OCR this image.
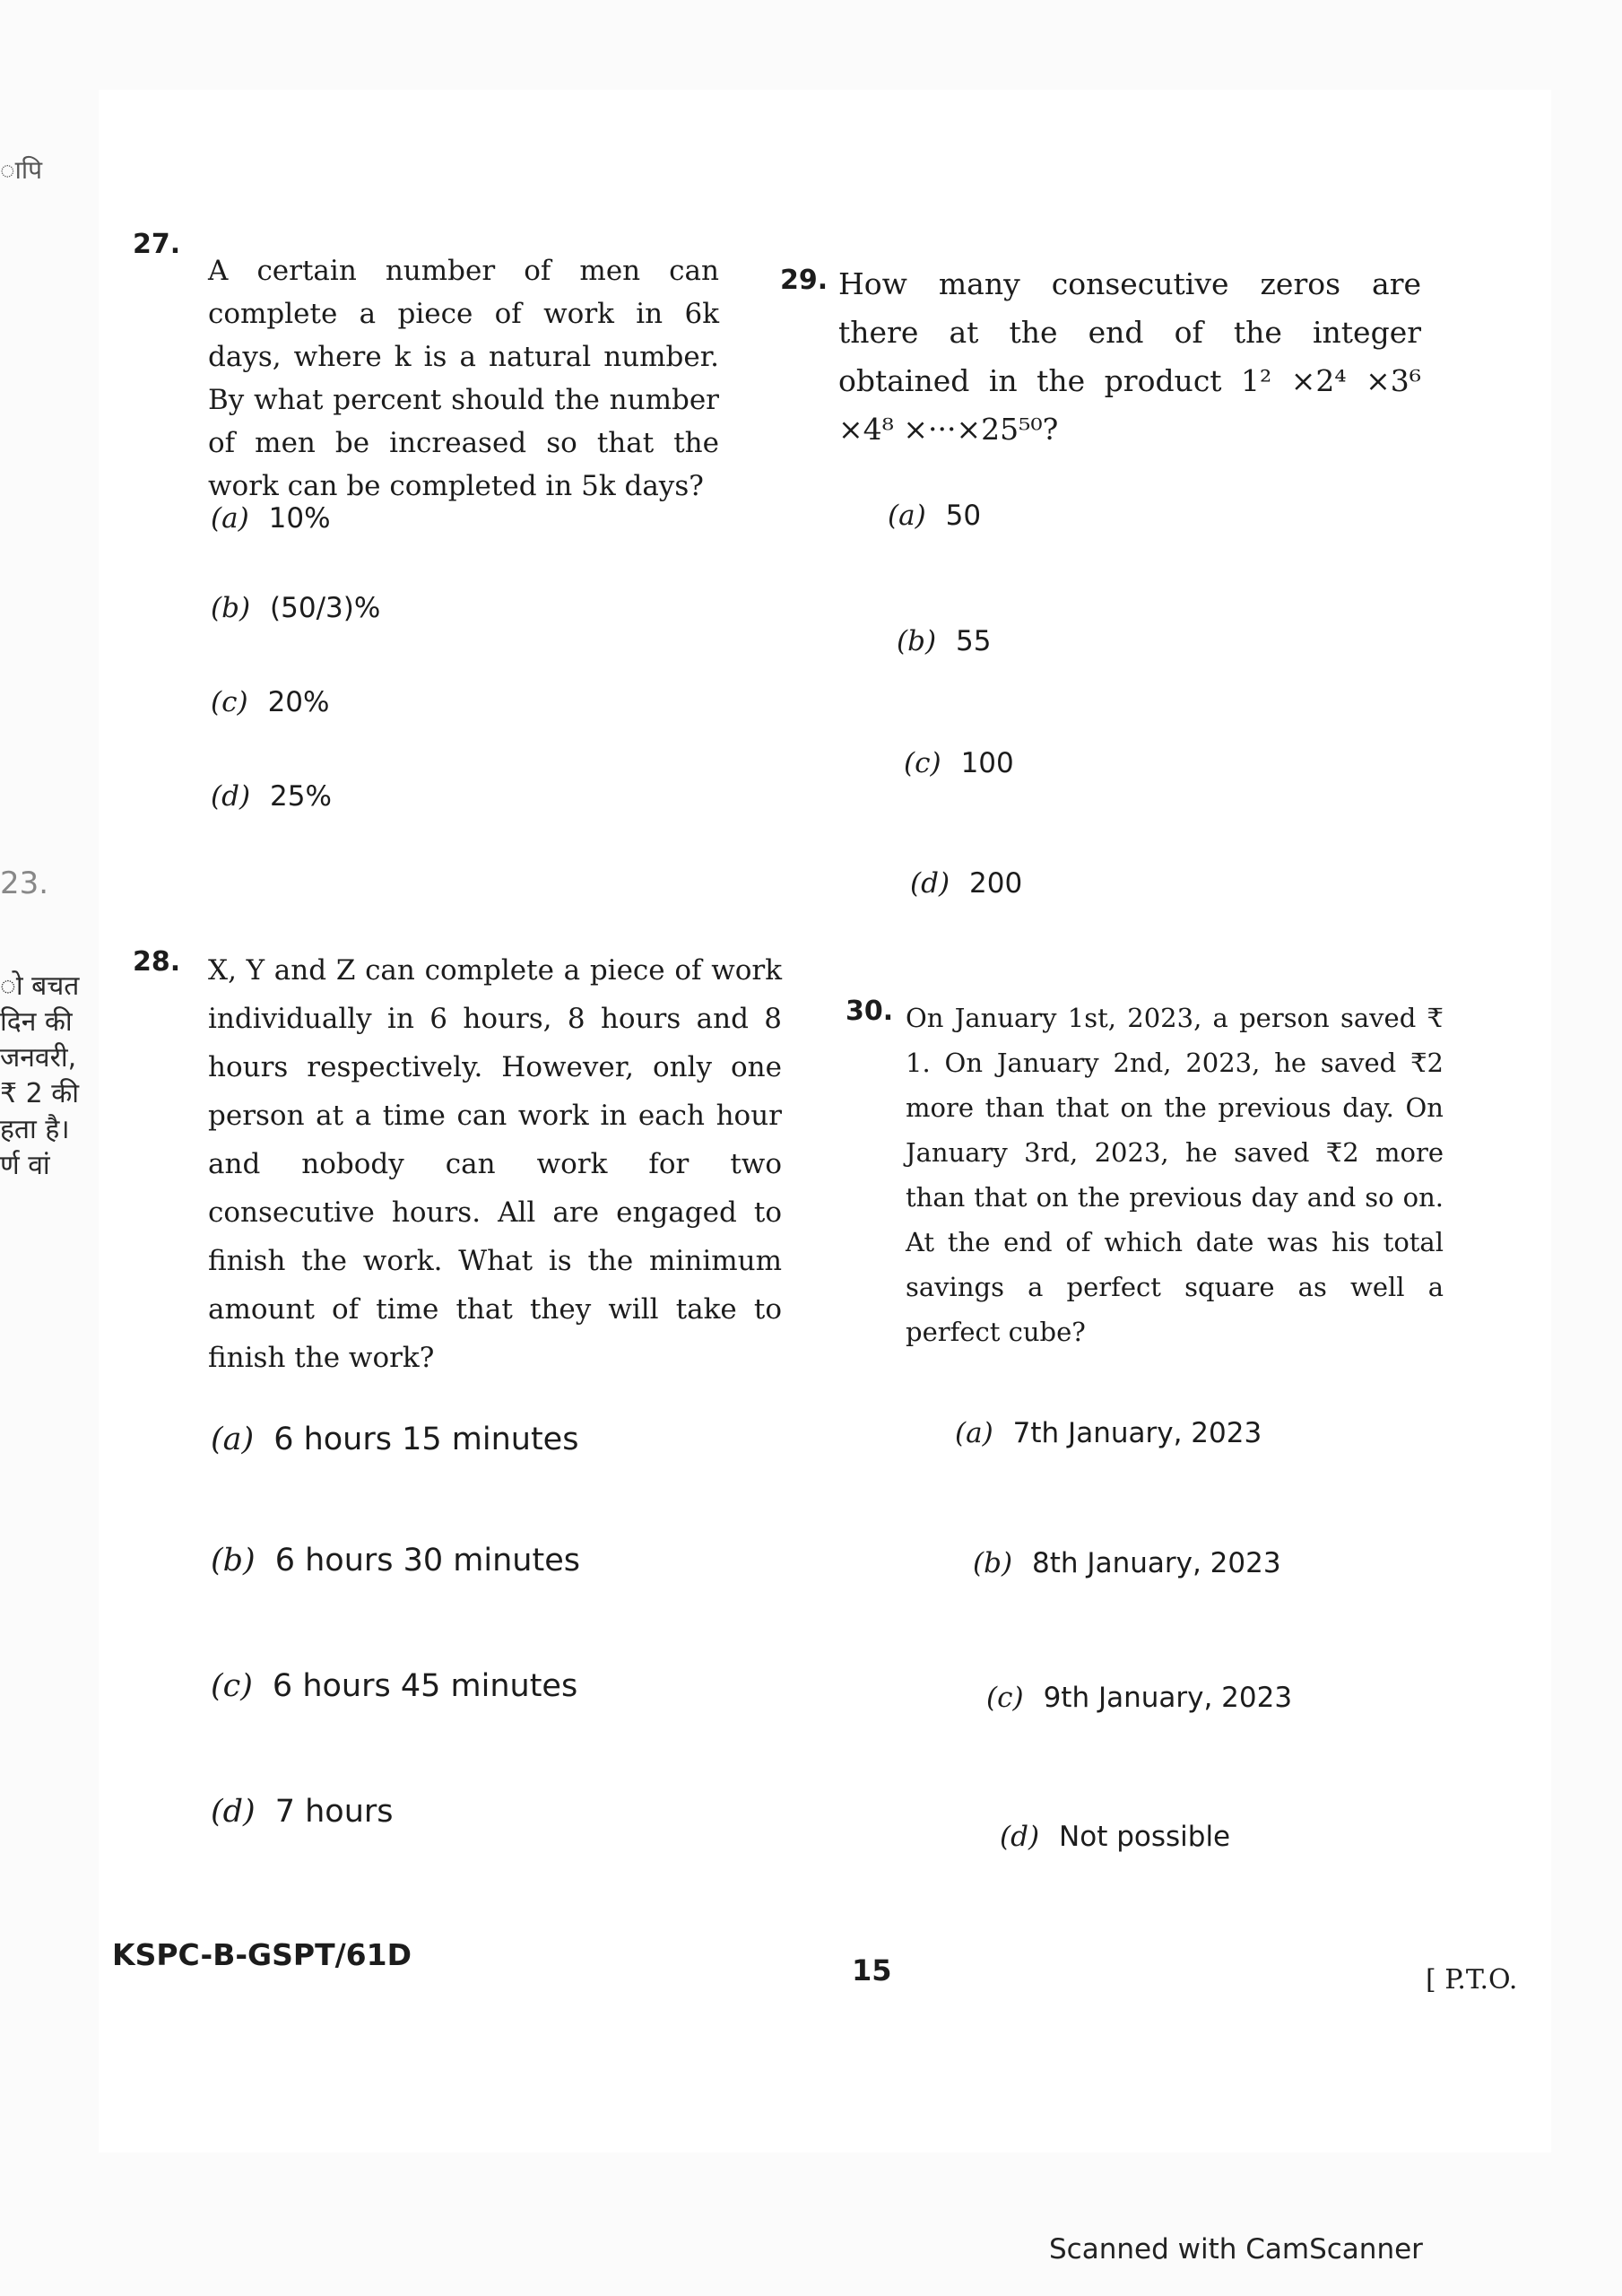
ापि
23.
ो बचत
दिन की
जनवरी,
₹ 2 की
हता है।
र्ण वां
27.
A certain number of men can complete a piece of work in 6k days, where k is a natural number. By what percent should the number of men be increased so that the work can be completed in 5k days?
(a) 10%
(b) (50/3)%
(c) 20%
(d) 25%
28. X, Y and Z can complete a piece of work individually in 6 hours, 8 hours and 8 hours respectively. However, only one person at a time can work in each hour and nobody can work for two consecutive hours. All are engaged to finish the work. What is the minimum amount of time that they will take to finish the work?
(a) 6 hours 15 minutes
(b) 6 hours 30 minutes
(c) 6 hours 45 minutes
(d) 7 hours
29. How many consecutive zeros are there at the end of the integer obtained in the product 1² ×2⁴ ×3⁶ ×4⁸ ×···×25⁵⁰?
(a) 50
(b) 55
(c) 100
(d) 200
30. On January 1st, 2023, a person saved ₹ 1. On January 2nd, 2023, he saved ₹2 more than that on the previous day. On January 3rd, 2023, he saved ₹2 more than that on the previous day and so on. At the end of which date was his total savings a perfect square as well a perfect cube?
(a) 7th January, 2023
(b) 8th January, 2023
(c) 9th January, 2023
(d) Not possible
KSPC-B-GSPT/61D	15	[ P.T.O.
Scanned with CamScanner
